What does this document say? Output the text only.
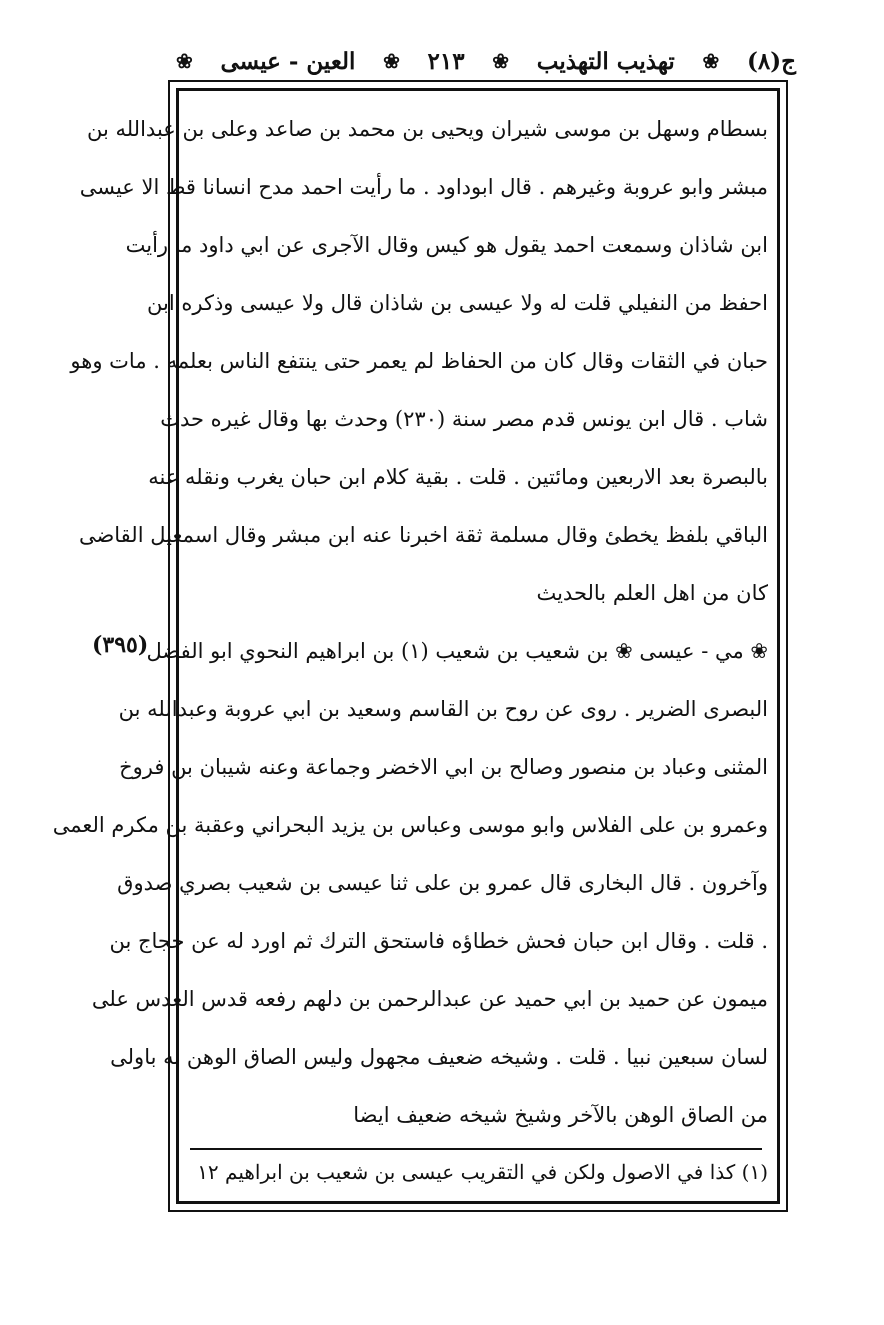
ج(٨)
❀
تهذيب التهذيب
❀
٢١٣
❀
العين - عيسى
❀
(٣٩٥)
بسطام وسهل بن موسى شيران ويحيى بن محمد بن صاعد وعلى بن عبدالله بن
مبشر وابو عروبة وغيرهم . قال ابوداود . ما رأيت احمد مدح انسانا قط الا عيسى
ابن شاذان وسمعت احمد يقول هو كيس وقال الآجرى عن ابي داود ما رأيت
احفظ من النفيلي قلت له ولا عيسى بن شاذان قال ولا عيسى وذكره ابن
حبان في الثقات وقال كان من الحفاظ لم يعمر حتى ينتفع الناس بعلمه . مات وهو
شاب . قال ابن يونس قدم مصر سنة (٢٣٠) وحدث بها وقال غيره حدث
بالبصرة بعد الاربعين ومائتين . قلت . بقية كلام ابن حبان يغرب ونقله عنه
الباقي بلفظ يخطئ وقال مسلمة ثقة اخبرنا عنه ابن مبشر وقال اسمعيل القاضى
كان من اهل العلم بالحديث
❀ مي - عيسى ❀ بن شعيب بن شعيب (١) بن ابراهيم النحوي ابو الفضل
البصرى الضرير . روى عن روح بن القاسم وسعيد بن ابي عروبة وعبدالله بن
المثنى وعباد بن منصور وصالح بن ابي الاخضر وجماعة وعنه شيبان بن فروخ
وعمرو بن على الفلاس وابو موسى وعباس بن يزيد البحراني وعقبة بن مكرم العمى
وآخرون . قال البخارى قال عمرو بن على ثنا عيسى بن شعيب بصري صدوق
. قلت . وقال ابن حبان فحش خطاؤه فاستحق الترك ثم اورد له عن حجاج بن
ميمون عن حميد بن ابي حميد عن عبدالرحمن بن دلهم رفعه قدس العدس على
لسان سبعين نبيا . قلت . وشيخه ضعيف مجهول وليس الصاق الوهن به باولى
من الصاق الوهن بالآخر وشيخ شيخه ضعيف ايضا
(١) كذا في الاصول ولكن في التقريب عيسى بن شعيب بن ابراهيم ١٢
